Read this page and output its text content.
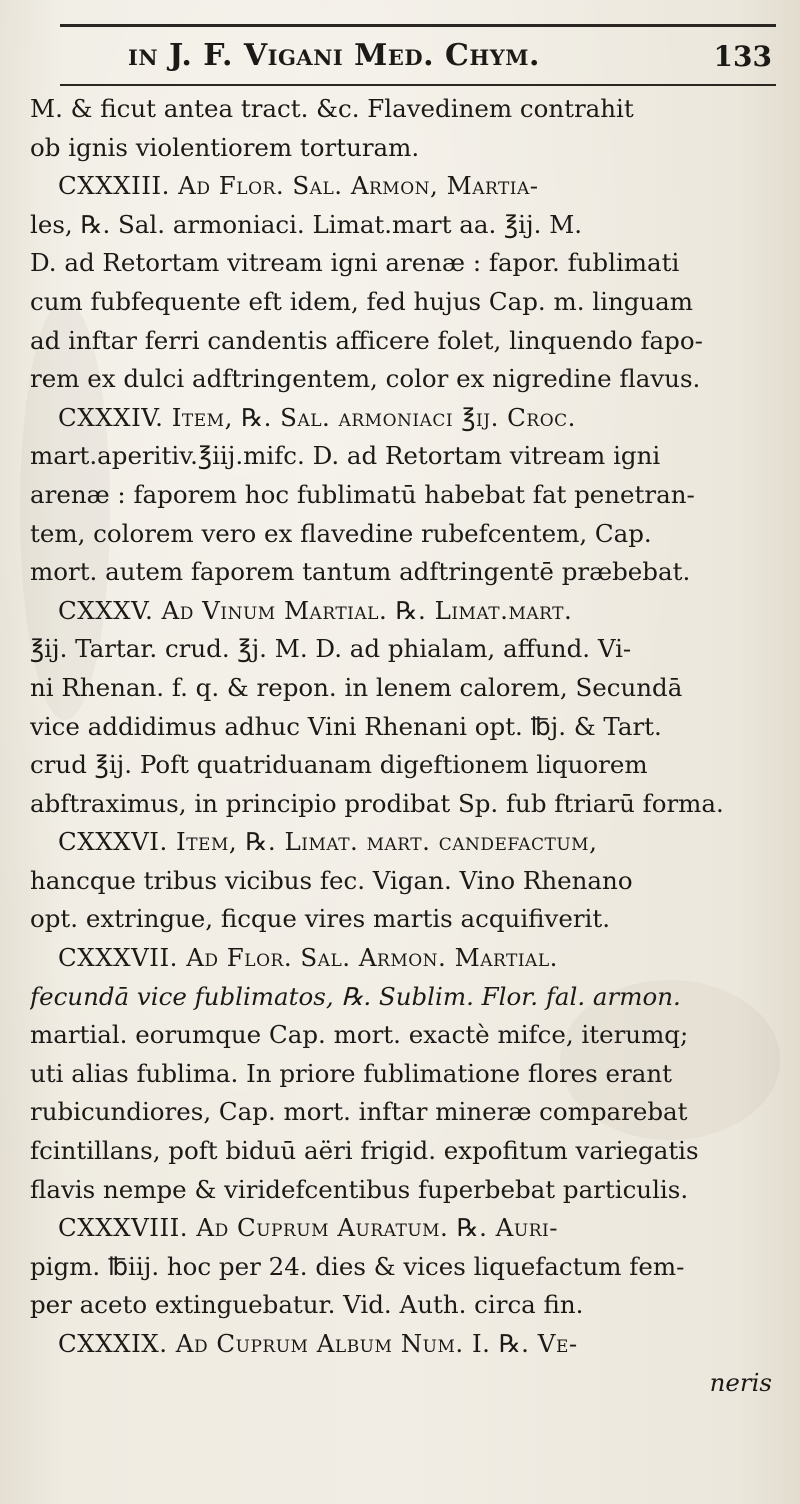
in J. F. Vigani Med. Chym.	133
M. & ficut antea tract. &c. Flavedinem contrahit
ob ignis violentiorem torturam.
CXXXIII. Ad Flor. Sal. Armon, Martia-
les, ℞. Sal. armoniaci. Limat.mart aa. ℥ij. M.
D. ad Retortam vitream igni arenæ : fapor. fublimati
cum fubfequente eft idem, fed hujus Cap. m. linguam
ad inftar ferri candentis afficere folet, linquendo fapo-
rem ex dulci adftringentem, color ex nigredine flavus.
CXXXIV. Item, ℞. Sal. armoniaci ℥ij. Croc.
mart.aperitiv.℥iij.mifc. D. ad Retortam vitream igni
arenæ : faporem hoc fublimatū habebat fat penetran-
tem, colorem vero ex flavedine rubefcentem, Cap.
mort. autem faporem tantum adftringentē præbebat.
CXXXV. Ad Vinum Martial. ℞. Limat.mart.
℥ij. Tartar. crud. ℥j. M. D. ad phialam, affund. Vi-
ni Rhenan. f. q. & repon. in lenem calorem, Secundā
vice addidimus adhuc Vini Rhenani opt. ℔j. & Tart.
crud ℥ij. Poft quatriduanam digeftionem liquorem
abftraximus, in principio prodibat Sp. fub ftriarū forma.
CXXXVI. Item, ℞. Limat. mart. candefactum,
hancque tribus vicibus fec. Vigan. Vino Rhenano
opt. extringue, ficque vires martis acquifiverit.
CXXXVII. Ad Flor. Sal. Armon. Martial.
fecundā vice fublimatos, ℞. Sublim. Flor. fal. armon.
martial. eorumque Cap. mort. exactè mifce, iterumq;
uti alias fublima. In priore fublimatione flores erant
rubicundiores, Cap. mort. inftar mineræ comparebat
fcintillans, poft biduū aëri frigid. expofitum variegatis
flavis nempe & viridefcentibus fuperbebat particulis.
CXXXVIII. Ad Cuprum Auratum. ℞. Auri-
pigm. ℔iij. hoc per 24. dies & vices liquefactum fem-
per aceto extinguebatur. Vid. Auth. circa fin.
CXXXIX. Ad Cuprum Album Num. I. ℞. Ve-
neris
